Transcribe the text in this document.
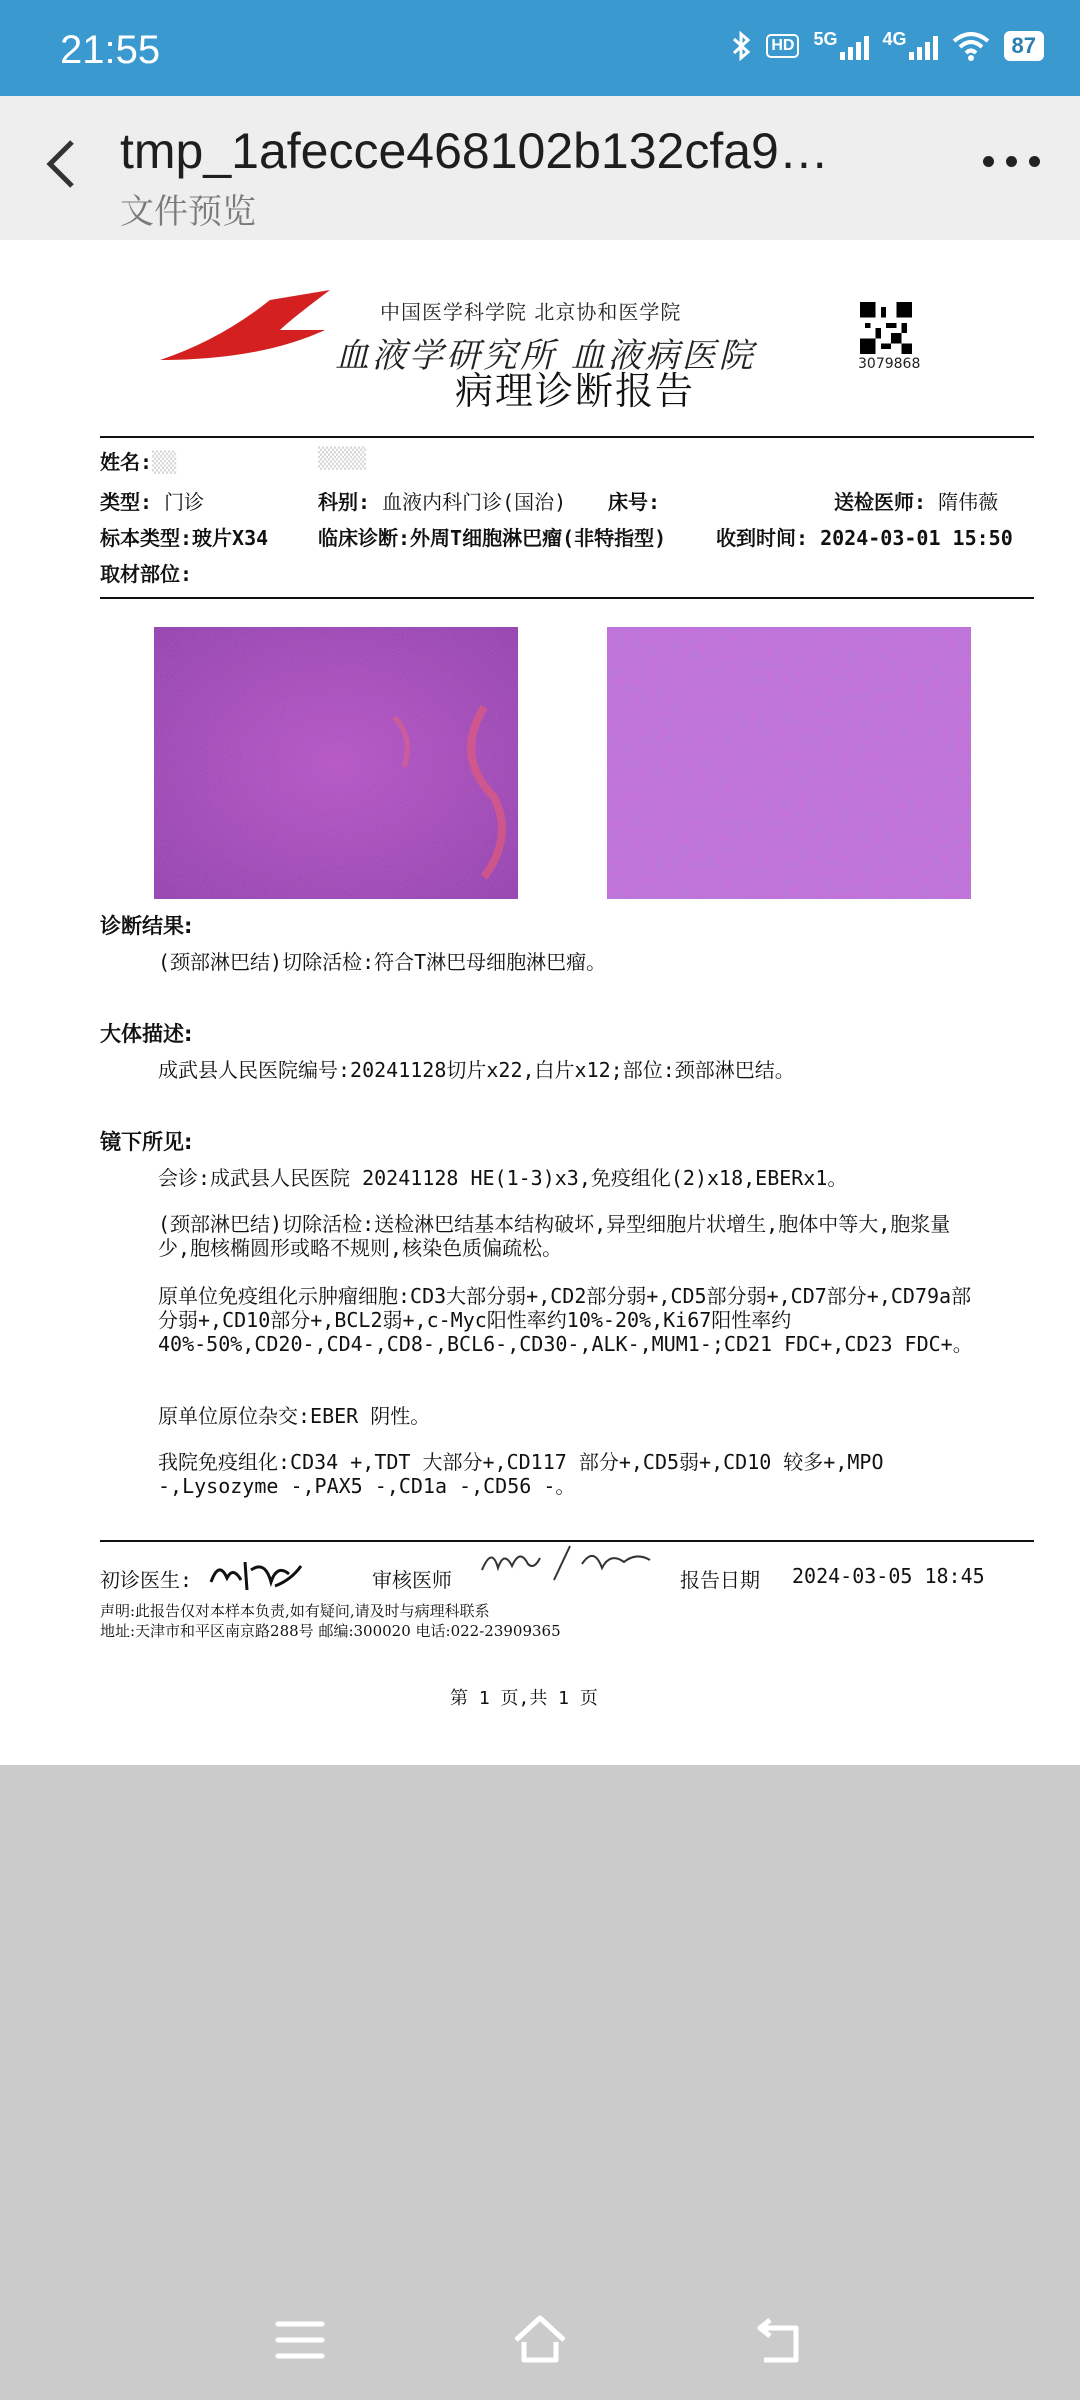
21:55	HD 5G	4G	87
tmp_1afecce468102b132cfa9…
文件预览
中国医学科学院 北京协和医学院
血液学研究所 血液病医院
病理诊断报告
3079868
姓名:▒▒	▒▒▒▒
类型: 门诊	科别: 血液内科门诊(国治) 床号:	送检医师: 隋伟薇
标本类型:玻片X34 临床诊断:外周T细胞淋巴瘤(非特指型) 收到时间: 2024-03-01 15:50
取材部位:
诊断结果:
(颈部淋巴结)切除活检:符合T淋巴母细胞淋巴瘤。
大体描述:
成武县人民医院编号:20241128切片x22,白片x12;部位:颈部淋巴结。
镜下所见:
会诊:成武县人民医院 20241128 HE(1-3)x3,免疫组化(2)x18,EBERx1。
(颈部淋巴结)切除活检:送检淋巴结基本结构破坏,异型细胞片状增生,胞体中等大,胞浆量少,胞核椭圆形或略不规则,核染色质偏疏松。
原单位免疫组化示肿瘤细胞:CD3大部分弱+,CD2部分弱+,CD5部分弱+,CD7部分+,CD79a部分弱+,CD10部分+,BCL2弱+,c-Myc阳性率约10%-20%,Ki67阳性率约40%-50%,CD20-,CD4-,CD8-,BCL6-,CD30-,ALK-,MUM1-;CD21 FDC+,CD23 FDC+。
原单位原位杂交:EBER 阴性。
我院免疫组化:CD34 +,TDT 大部分+,CD117 部分+,CD5弱+,CD10 较多+,MPO -,Lysozyme -,PAX5 -,CD1a -,CD56 -。
初诊医生:	审核医师	报告日期 2024-03-05 18:45
声明:此报告仅对本样本负责,如有疑问,请及时与病理科联系
地址:天津市和平区南京路288号 邮编:300020 电话:022-23909365
第 1 页,共 1 页
